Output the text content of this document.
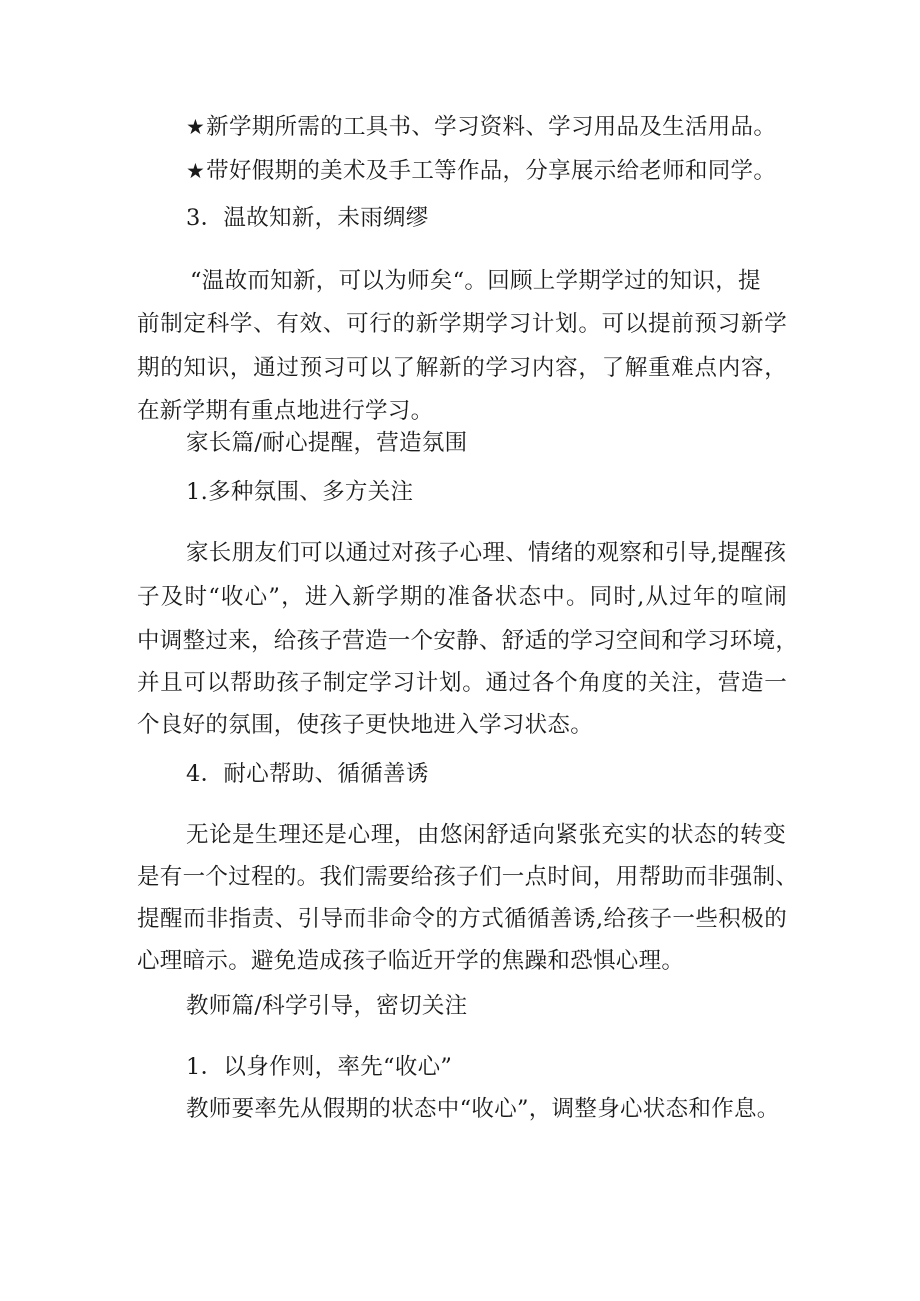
★新学期所需的工具书、学习资料、学习用品及生活用品。
★带好假期的美术及手工等作品，分享展示给老师和同学。
3．温故知新，未雨绸缪
“温故而知新，可以为师矣“。回顾上学期学过的知识，提
前制定科学、有效、可行的新学期学习计划。可以提前预习新学
期的知识，通过预习可以了解新的学习内容，了解重难点内容，
在新学期有重点地进行学习。
家长篇/耐心提醒，营造氛围
1.多种氛围、多方关注
家长朋友们可以通过对孩子心理、情绪的观察和引导,提醒孩
子及时“收心”，进入新学期的准备状态中。同时,从过年的喧闹
中调整过来，给孩子营造一个安静、舒适的学习空间和学习环境，
并且可以帮助孩子制定学习计划。通过各个角度的关注，营造一
个良好的氛围，使孩子更快地进入学习状态。
4．耐心帮助、循循善诱
无论是生理还是心理，由悠闲舒适向紧张充实的状态的转变
是有一个过程的。我们需要给孩子们一点时间，用帮助而非强制、
提醒而非指责、引导而非命令的方式循循善诱,给孩子一些积极的
心理暗示。避免造成孩子临近开学的焦躁和恐惧心理。
教师篇/科学引导，密切关注
1．以身作则，率先“收心”
教师要率先从假期的状态中“收心”，调整身心状态和作息。
